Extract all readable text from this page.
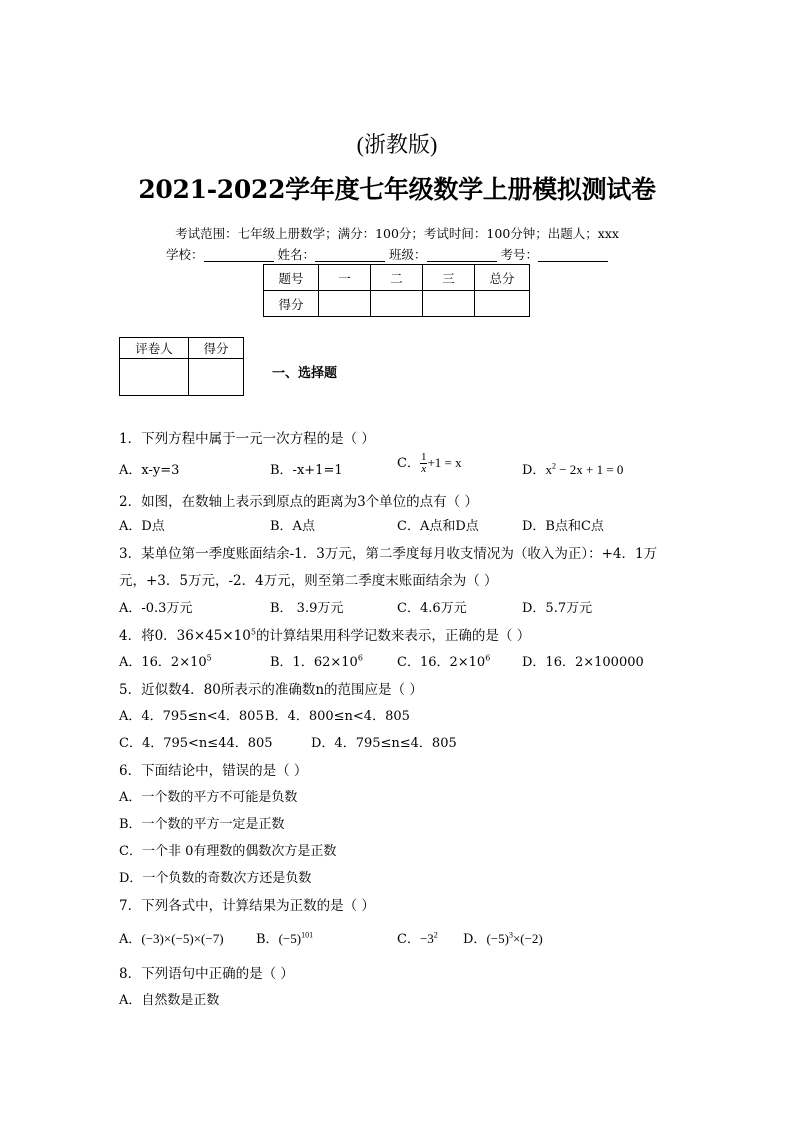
(浙教版)
2021-2022学年度七年级数学上册模拟测试卷
考试范围：七年级上册数学；满分：100分；考试时间：100分钟；出题人；xxx
学校：	姓名：	班级：	考号：
题号	一	二	三	总分
得分				
评卷人	得分

一、选择题
1．下列方程中属于一元一次方程的是（ ）
A．x-y=3	B．-x+1=1	C． $\frac{1}{x} +1 = x$
D．$x^2 - 2x + 1 = 0$
2．如图，在数轴上表示到原点的距离为3个单位的点有（ ）
A．D点	B．A点	C．A点和D点	D．B点和C点
3．某单位第一季度账面结余-1．3万元，第二季度每月收支情况为（收入为正）：+4．1万
元，+3．5万元，-2．4万元，则至第二季度末账面结余为（ ）
A．-0.3万元	B． 3.9万元	C．4.6万元	D．5.7万元
4．将0．$36\times 45\times 10^5$的计算结果用科学记数来表示，正确的是（ ）
A．16．$2\times 10^5$	B．1．$62\times 10^6$	C．16．$2\times 10^6$ D．16．2×100000
5．近似数4．80所表示的准确数n的范围应是（ ）
A．4．795≤n<4．805 B．4．800≤n<4．805
C．4．795<n≤44．805	D．4．795≤n≤4．805
6．下面结论中，错误的是（ ）
A．一个数的平方不可能是负数
B．一个数的平方一定是正数
C．一个非 0有理数的偶数次方是正数
D．一个负数的奇数次方还是负数
7．下列各式中，计算结果为正数的是（ ）
A．(−3)×(−5)×(−7) B．$(-5)^{101}$	C．$-3^2$ D．$(-5)^3\times(-2)$
8．下列语句中正确的是（ ）
A．自然数是正数
